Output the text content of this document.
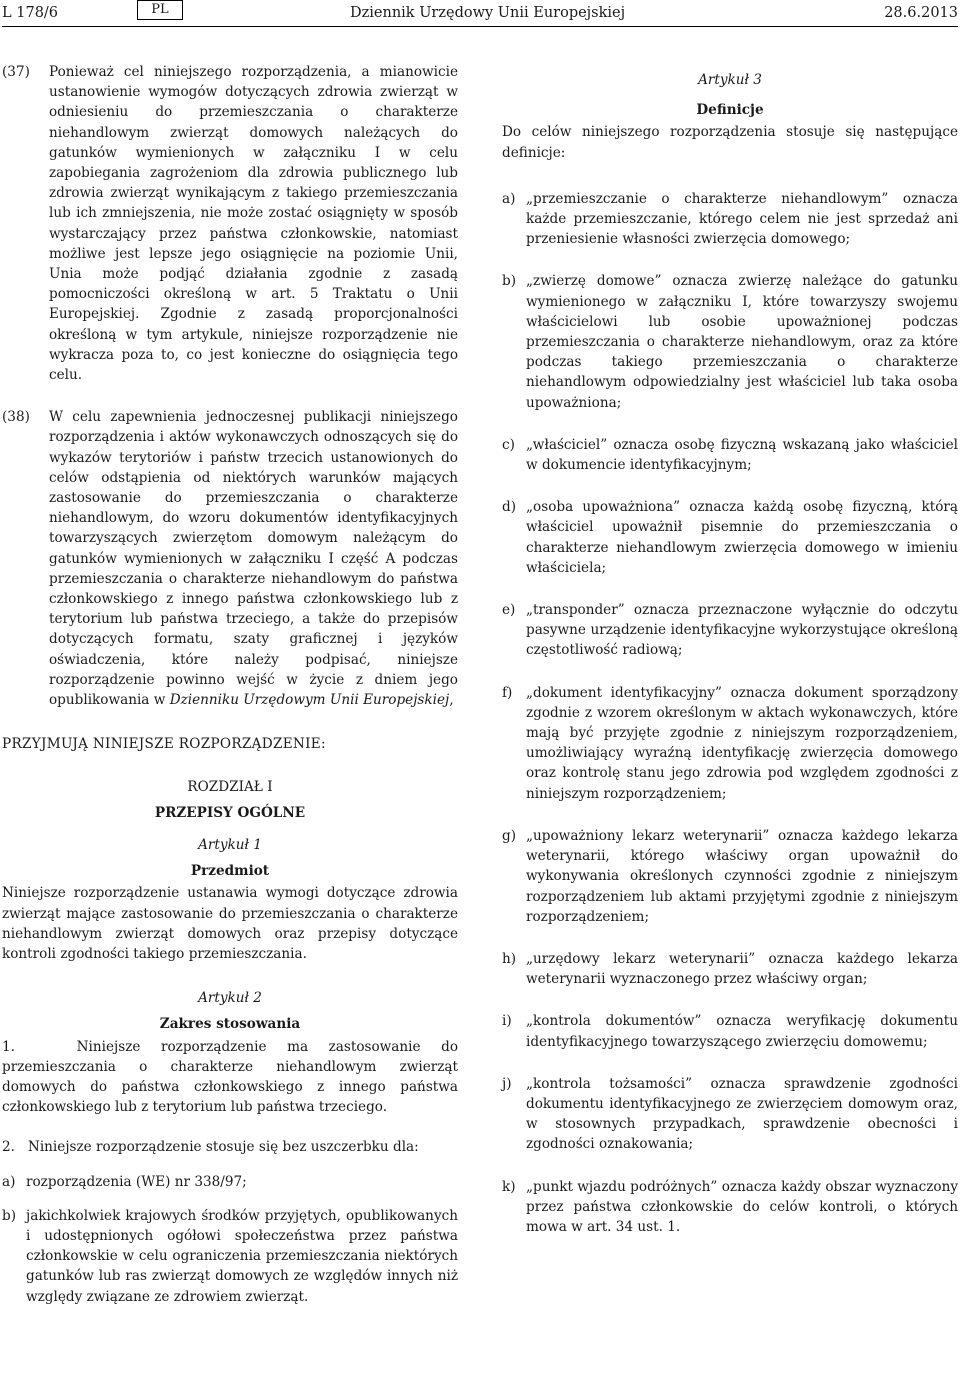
L 178/6	PL	Dziennik Urzędowy Unii Europejskiej	28.6.2013
(37)	Ponieważ cel niniejszego rozporządzenia, a mianowicie ustanowienie wymogów dotyczących zdrowia zwierząt w odniesieniu do przemieszczania o charakterze niehandlowym zwierząt domowych należących do gatunków wymienionych w załączniku I w celu zapobiegania zagrożeniom dla zdrowia publicznego lub zdrowia zwierząt wynikającym z takiego przemieszczania lub ich zmniejszenia, nie może zostać osiągnięty w sposób wystarczający przez państwa członkowskie, natomiast możliwe jest lepsze jego osiągnięcie na poziomie Unii, Unia może podjąć działania zgodnie z zasadą pomocniczości określoną w art. 5 Traktatu o Unii Europejskiej. Zgodnie z zasadą proporcjonalności określoną w tym artykule, niniejsze rozporządzenie nie wykracza poza to, co jest konieczne do osiągnięcia tego celu.
(38)	W celu zapewnienia jednoczesnej publikacji niniejszego rozporządzenia i aktów wykonawczych odnoszących się do wykazów terytoriów i państw trzecich ustanowionych do celów odstąpienia od niektórych warunków mających zastosowanie do przemieszczania o charakterze niehandlowym, do wzoru dokumentów identyfikacyjnych towarzyszących zwierzętom domowym należącym do gatunków wymienionych w załączniku I część A podczas przemieszczania o charakterze niehandlowym do państwa członkowskiego z innego państwa członkowskiego lub z terytorium lub państwa trzeciego, a także do przepisów dotyczących formatu, szaty graficznej i języków oświadczenia, które należy podpisać, niniejsze rozporządzenie powinno wejść w życie z dniem jego opublikowania w Dzienniku Urzędowym Unii Europejskiej,
PRZYJMUJĄ NINIEJSZE ROZPORZĄDZENIE:
ROZDZIAŁ I
PRZEPISY OGÓLNE
Artykuł 1
Przedmiot
Niniejsze rozporządzenie ustanawia wymogi dotyczące zdrowia zwierząt mające zastosowanie do przemieszczania o charakterze niehandlowym zwierząt domowych oraz przepisy dotyczące kontroli zgodności takiego przemieszczania.
Artykuł 2
Zakres stosowania
1.   Niniejsze rozporządzenie ma zastosowanie do przemieszczania o charakterze niehandlowym zwierząt domowych do państwa członkowskiego z innego państwa członkowskiego lub z terytorium lub państwa trzeciego.
2.   Niniejsze rozporządzenie stosuje się bez uszczerbku dla:
a) rozporządzenia (WE) nr 338/97;
b) jakichkolwiek krajowych środków przyjętych, opublikowanych i udostępnionych ogółowi społeczeństwa przez państwa członkowskie w celu ograniczenia przemieszczania niektórych gatunków lub ras zwierząt domowych ze względów innych niż względy związane ze zdrowiem zwierząt.
Artykuł 3
Definicje
Do celów niniejszego rozporządzenia stosuje się następujące definicje:
a) „przemieszczanie o charakterze niehandlowym” oznacza każde przemieszczanie, którego celem nie jest sprzedaż ani przeniesienie własności zwierzęcia domowego;
b) „zwierzę domowe” oznacza zwierzę należące do gatunku wymienionego w załączniku I, które towarzyszy swojemu właścicielowi lub osobie upoważnionej podczas przemieszczania o charakterze niehandlowym, oraz za które podczas takiego przemieszczania o charakterze niehandlowym odpowiedzialny jest właściciel lub taka osoba upoważniona;
c) „właściciel” oznacza osobę fizyczną wskazaną jako właściciel w dokumencie identyfikacyjnym;
d) „osoba upoważniona” oznacza każdą osobę fizyczną, którą właściciel upoważnił pisemnie do przemieszczania o charakterze niehandlowym zwierzęcia domowego w imieniu właściciela;
e) „transponder” oznacza przeznaczone wyłącznie do odczytu pasywne urządzenie identyfikacyjne wykorzystujące określoną częstotliwość radiową;
f)	„dokument identyfikacyjny” oznacza dokument sporządzony zgodnie z wzorem określonym w aktach wykonawczych, które mają być przyjęte zgodnie z niniejszym rozporządzeniem, umożliwiający wyraźną identyfikację zwierzęcia domowego oraz kontrolę stanu jego zdrowia pod względem zgodności z niniejszym rozporządzeniem;
g) „upoważniony lekarz weterynarii” oznacza każdego lekarza weterynarii, którego właściwy organ upoważnił do wykonywania określonych czynności zgodnie z niniejszym rozporządzeniem lub aktami przyjętymi zgodnie z niniejszym rozporządzeniem;
h) „urzędowy lekarz weterynarii” oznacza każdego lekarza weterynarii wyznaczonego przez właściwy organ;
i)	„kontrola dokumentów” oznacza weryfikację dokumentu identyfikacyjnego towarzyszącego zwierzęciu domowemu;
j)	„kontrola tożsamości” oznacza sprawdzenie zgodności dokumentu identyfikacyjnego ze zwierzęciem domowym oraz, w stosownych przypadkach, sprawdzenie obecności i zgodności oznakowania;
k) „punkt wjazdu podróżnych” oznacza każdy obszar wyznaczony przez państwa członkowskie do celów kontroli, o których mowa w art. 34 ust. 1.
